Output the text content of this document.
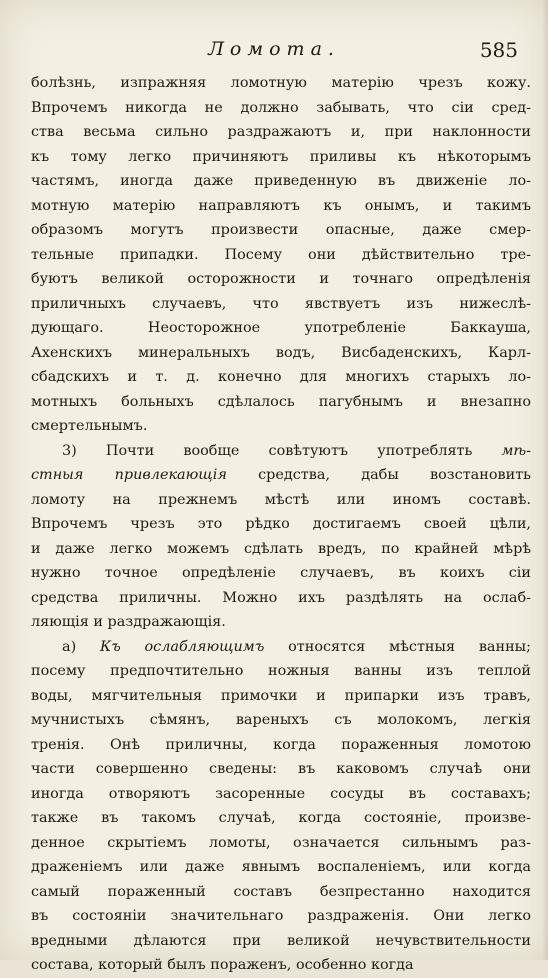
Ломота.	585
болѣзнь, изпражняя ломотную матерію чрезъ кожу.
Впрочемъ никогда не должно забывать, что сіи сред-
ства весьма сильно раздражаютъ и, при наклонности
къ тому легко причиняютъ приливы къ нѣкоторымъ
частямъ, иногда даже приведенную въ движеніе ло-
мотную матерію направляютъ къ онымъ, и такимъ
образомъ могутъ произвести опасные, даже смер-
тельные припадки. Посему они дѣйствительно тре-
буютъ великой осторожности и точнаго опредѣленія
приличныхъ случаевъ, что явствуетъ изъ нижеслѣ-
дующаго. Неосторожное употребленіе Баккауша,
Ахенскихъ минеральныхъ водъ, Висбаденскихъ, Карл-
сбадскихъ и т. д. конечно для многихъ старыхъ ло-
мотныхъ больныхъ сдѣлалось пагубнымъ и внезапно
смертельнымъ.
3) Почти вообще совѣтуютъ употреблять мѣ-
стныя привлекающія средства, дабы возстановить
ломоту на прежнемъ мѣстѣ или иномъ составѣ.
Впрочемъ чрезъ это рѣдко достигаемъ своей цѣли,
и даже легко можемъ сдѣлать вредъ, по крайней мѣрѣ
нужно точное опредѣленіе случаевъ, въ коихъ сіи
средства приличны. Можно ихъ раздѣлять на ослаб-
ляющія и раздражающія.
а) Къ ослабляющимъ относятся мѣстныя ванны;
посему предпочтительно ножныя ванны изъ теплой
воды, мягчительныя примочки и припарки изъ травъ,
мучнистыхъ сѣмянъ, вареныхъ съ молокомъ, легкія
тренія. Онѣ приличны, когда пораженныя ломотою
части совершенно сведены: въ каковомъ случаѣ они
иногда отворяютъ засоренные сосуды въ составахъ;
также въ такомъ случаѣ, когда состояніе, произве-
денное скрытіемъ ломоты, означается сильнымъ раз-
драженіемъ или даже явнымъ воспаленіемъ, или когда
самый пораженный составъ безпрестанно находится
въ состояніи значительнаго раздраженія. Они легко
вредными дѣлаются при великой нечувствительности
состава, который былъ пораженъ, особенно когда
